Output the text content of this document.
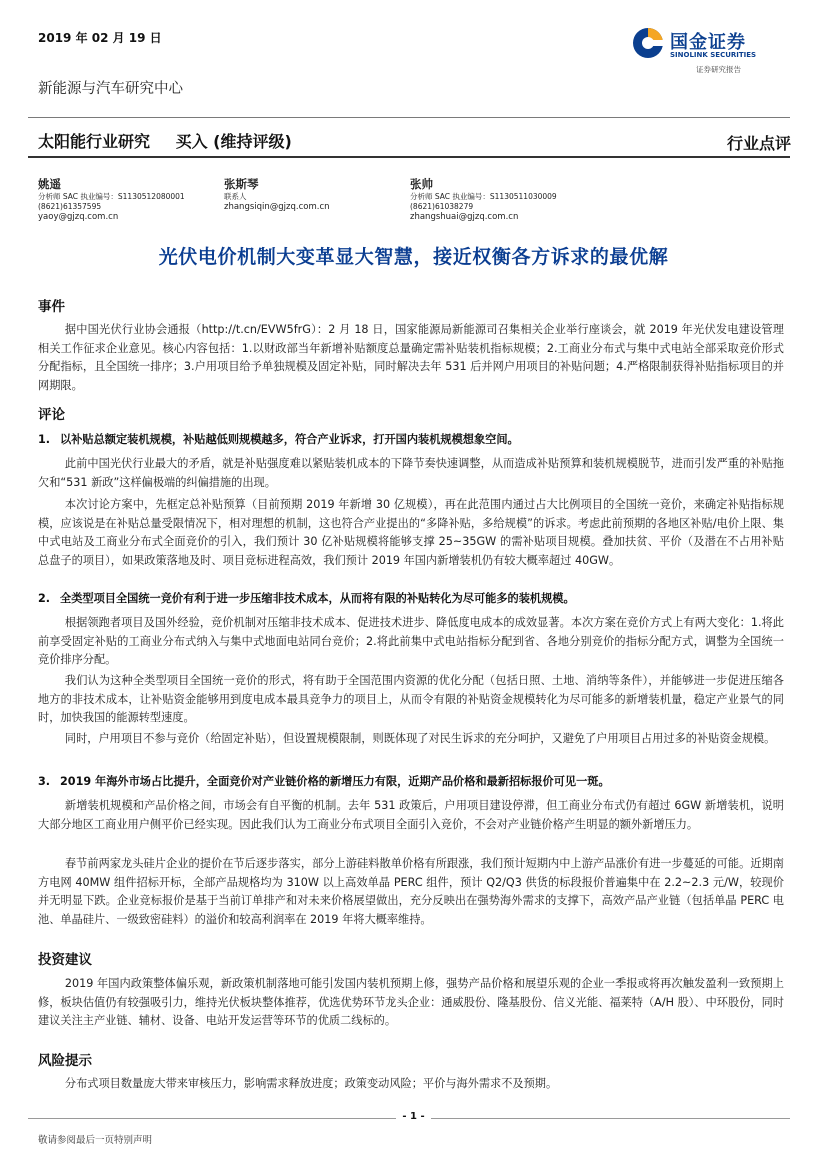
2019 年 02 月 19 日
新能源与汽车研究中心
国金证券
SINOLINK SECURITIES
证券研究报告
太阳能行业研究 买入 (维持评级)	行业点评
姚遥
分析师 SAC 执业编号：S1130512080001
(8621)61357595
yaoy@gjzq.com.cn
张斯琴
联系人
zhangsiqin@gjzq.com.cn
张帅
分析师 SAC 执业编号：S1130511030009
(8621)61038279
zhangshuai@gjzq.com.cn
光伏电价机制大变革显大智慧，接近权衡各方诉求的最优解
事件
据中国光伏行业协会通报（http://t.cn/EVW5frG）：2 月 18 日，国家能源局新能源司召集相关企业举行座谈会，就 2019 年光伏发电建设管理相关工作征求企业意见。核心内容包括：1.以财政部当年新增补贴额度总量确定需补贴装机指标规模；2.工商业分布式与集中式电站全部采取竞价形式分配指标，且全国统一排序；3.户用项目给予单独规模及固定补贴，同时解决去年 531 后并网户用项目的补贴问题；4.严格限制获得补贴指标项目的并网期限。
评论
1. 以补贴总额定装机规模，补贴越低则规模越多，符合产业诉求，打开国内装机规模想象空间。
此前中国光伏行业最大的矛盾，就是补贴强度难以紧贴装机成本的下降节奏快速调整，从而造成补贴预算和装机规模脱节，进而引发严重的补贴拖欠和“531 新政”这样偏极端的纠偏措施的出现。
本次讨论方案中，先框定总补贴预算（目前预期 2019 年新增 30 亿规模），再在此范围内通过占大比例项目的全国统一竞价，来确定补贴指标规模，应该说是在补贴总量受限情况下，相对理想的机制，这也符合产业提出的“多降补贴，多给规模”的诉求。考虑此前预期的各地区补贴/电价上限、集中式电站及工商业分布式全面竞价的引入，我们预计 30 亿补贴规模将能够支撑 25~35GW 的需补贴项目规模。叠加扶贫、平价（及潜在不占用补贴总盘子的项目），如果政策落地及时、项目竞标进程高效，我们预计 2019 年国内新增装机仍有较大概率超过 40GW。
2. 全类型项目全国统一竞价有利于进一步压缩非技术成本，从而将有限的补贴转化为尽可能多的装机规模。
根据领跑者项目及国外经验，竞价机制对压缩非技术成本、促进技术进步、降低度电成本的成效显著。本次方案在竞价方式上有两大变化：1.将此前享受固定补贴的工商业分布式纳入与集中式地面电站同台竞价；2.将此前集中式电站指标分配到省、各地分别竞价的指标分配方式，调整为全国统一竞价排序分配。
我们认为这种全类型项目全国统一竞价的形式，将有助于全国范围内资源的优化分配（包括日照、土地、消纳等条件），并能够进一步促进压缩各地方的非技术成本，让补贴资金能够用到度电成本最具竞争力的项目上，从而令有限的补贴资金规模转化为尽可能多的新增装机量，稳定产业景气的同时，加快我国的能源转型速度。
同时，户用项目不参与竞价（给固定补贴），但设置规模限制，则既体现了对民生诉求的充分呵护，又避免了户用项目占用过多的补贴资金规模。
3. 2019 年海外市场占比提升，全面竞价对产业链价格的新增压力有限，近期产品价格和最新招标报价可见一斑。
新增装机规模和产品价格之间，市场会有自平衡的机制。去年 531 政策后，户用项目建设停滞，但工商业分布式仍有超过 6GW 新增装机，说明大部分地区工商业用户侧平价已经实现。因此我们认为工商业分布式项目全面引入竞价，不会对产业链价格产生明显的额外新增压力。
春节前两家龙头硅片企业的提价在节后逐步落实，部分上游硅料散单价格有所跟涨，我们预计短期内中上游产品涨价有进一步蔓延的可能。近期南方电网 40MW 组件招标开标，全部产品规格均为 310W 以上高效单晶 PERC 组件，预计 Q2/Q3 供货的标段报价普遍集中在 2.2~2.3 元/W，较现价并无明显下跌。企业竞标报价是基于当前订单排产和对未来价格展望做出，充分反映出在强势海外需求的支撑下，高效产品产业链（包括单晶 PERC 电池、单晶硅片、一级致密硅料）的溢价和较高利润率在 2019 年将大概率维持。
投资建议
2019 年国内政策整体偏乐观，新政策机制落地可能引发国内装机预期上修，强势产品价格和展望乐观的企业一季报或将再次触发盈利一致预期上修，板块估值仍有较强吸引力，维持光伏板块整体推荐，优选优势环节龙头企业：通威股份、隆基股份、信义光能、福莱特（A/H 股）、中环股份，同时建议关注主产业链、辅材、设备、电站开发运营等环节的优质二线标的。
风险提示
分布式项目数量庞大带来审核压力，影响需求释放进度；政策变动风险；平价与海外需求不及预期。
- 1 -
敬请参阅最后一页特别声明
